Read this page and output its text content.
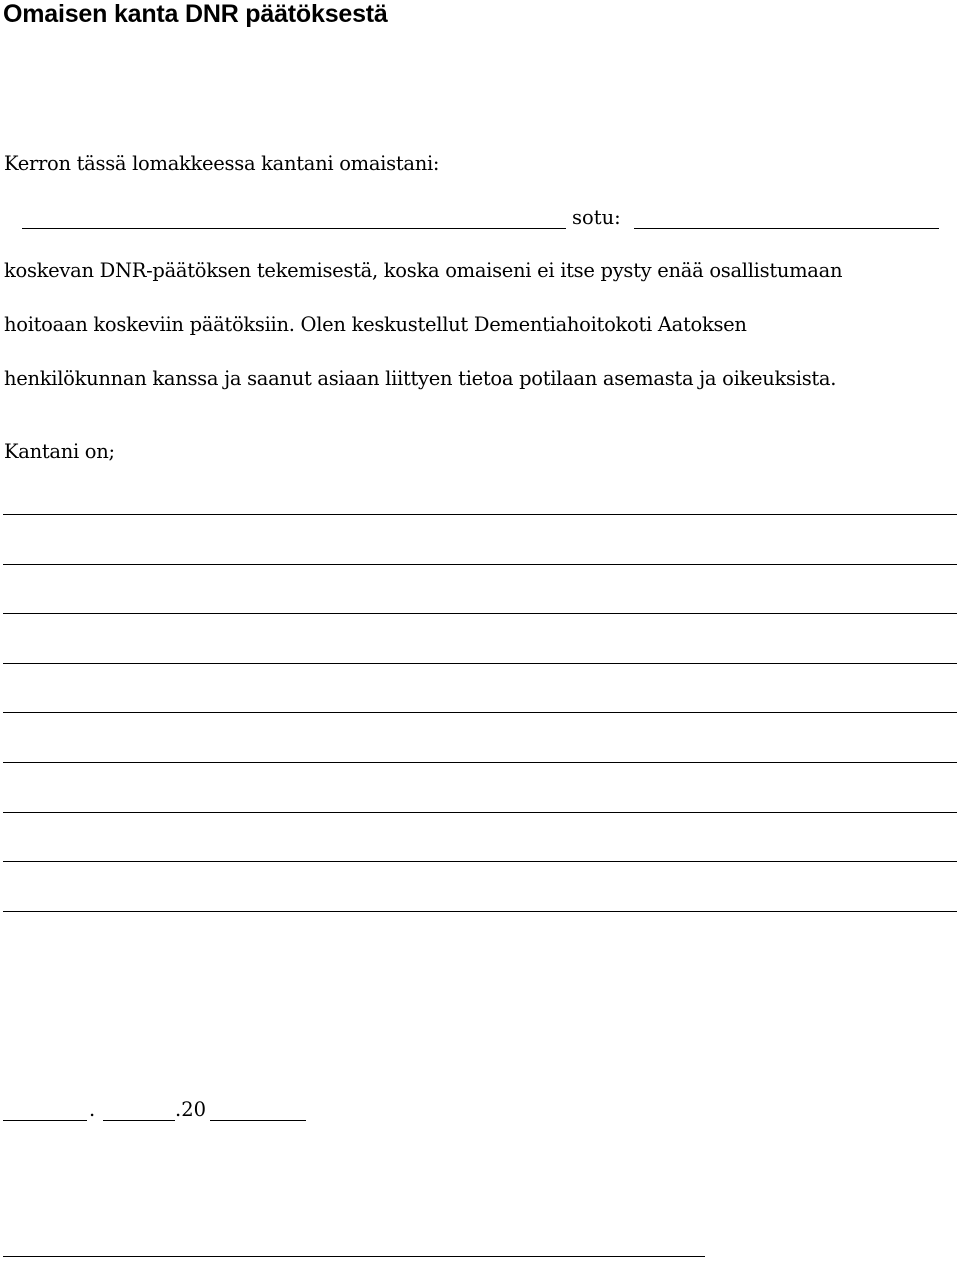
Omaisen kanta DNR päätöksestä
Kerron tässä lomakkeessa kantani omaistani:
sotu:
koskevan DNR-päätöksen tekemisestä, koska omaiseni ei itse pysty enää osallistumaan
hoitoaan koskeviin päätöksiin. Olen keskustellut Dementiahoitokoti Aatoksen
henkilökunnan kanssa ja saanut asiaan liittyen tietoa potilaan asemasta ja oikeuksista.
Kantani on;
.	.20
